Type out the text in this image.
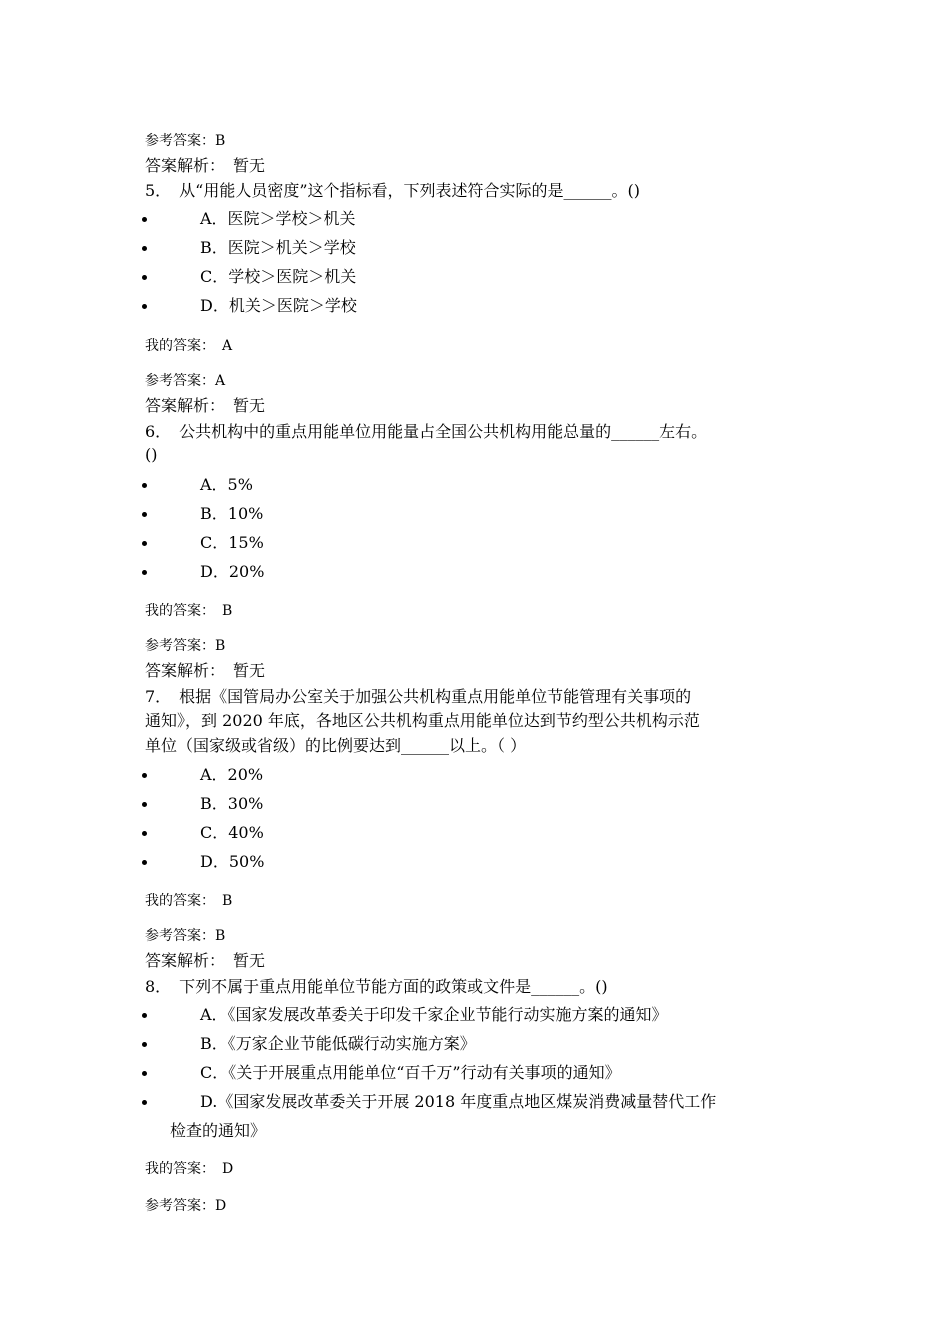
参考答案：B
答案解析：　暂无
5．　从“用能人员密度”这个指标看，下列表述符合实际的是______。()
A．医院＞学校＞机关
B．医院＞机关＞学校
C．学校＞医院＞机关
D．机关＞医院＞学校
我的答案：　A
参考答案：A
答案解析：　暂无
6．　公共机构中的重点用能单位用能量占全国公共机构用能总量的______左右。
()
A．5%
B．10%
C．15%
D．20%
我的答案：　B
参考答案：B
答案解析：　暂无
7．　根据《国管局办公室关于加强公共机构重点用能单位节能管理有关事项的
通知》，到 2020 年底，各地区公共机构重点用能单位达到节约型公共机构示范
单位（国家级或省级）的比例要达到______以上。（ ）
A．20%
B．30%
C．40%
D．50%
我的答案：　B
参考答案：B
答案解析：　暂无
8．　下列不属于重点用能单位节能方面的政策或文件是______。()
A．《国家发展改革委关于印发千家企业节能行动实施方案的通知》
B．《万家企业节能低碳行动实施方案》
C．《关于开展重点用能单位“百千万”行动有关事项的通知》
D.《国家发展改革委关于开展 2018 年度重点地区煤炭消费减量替代工作
检查的通知》
我的答案：　D
参考答案：D
